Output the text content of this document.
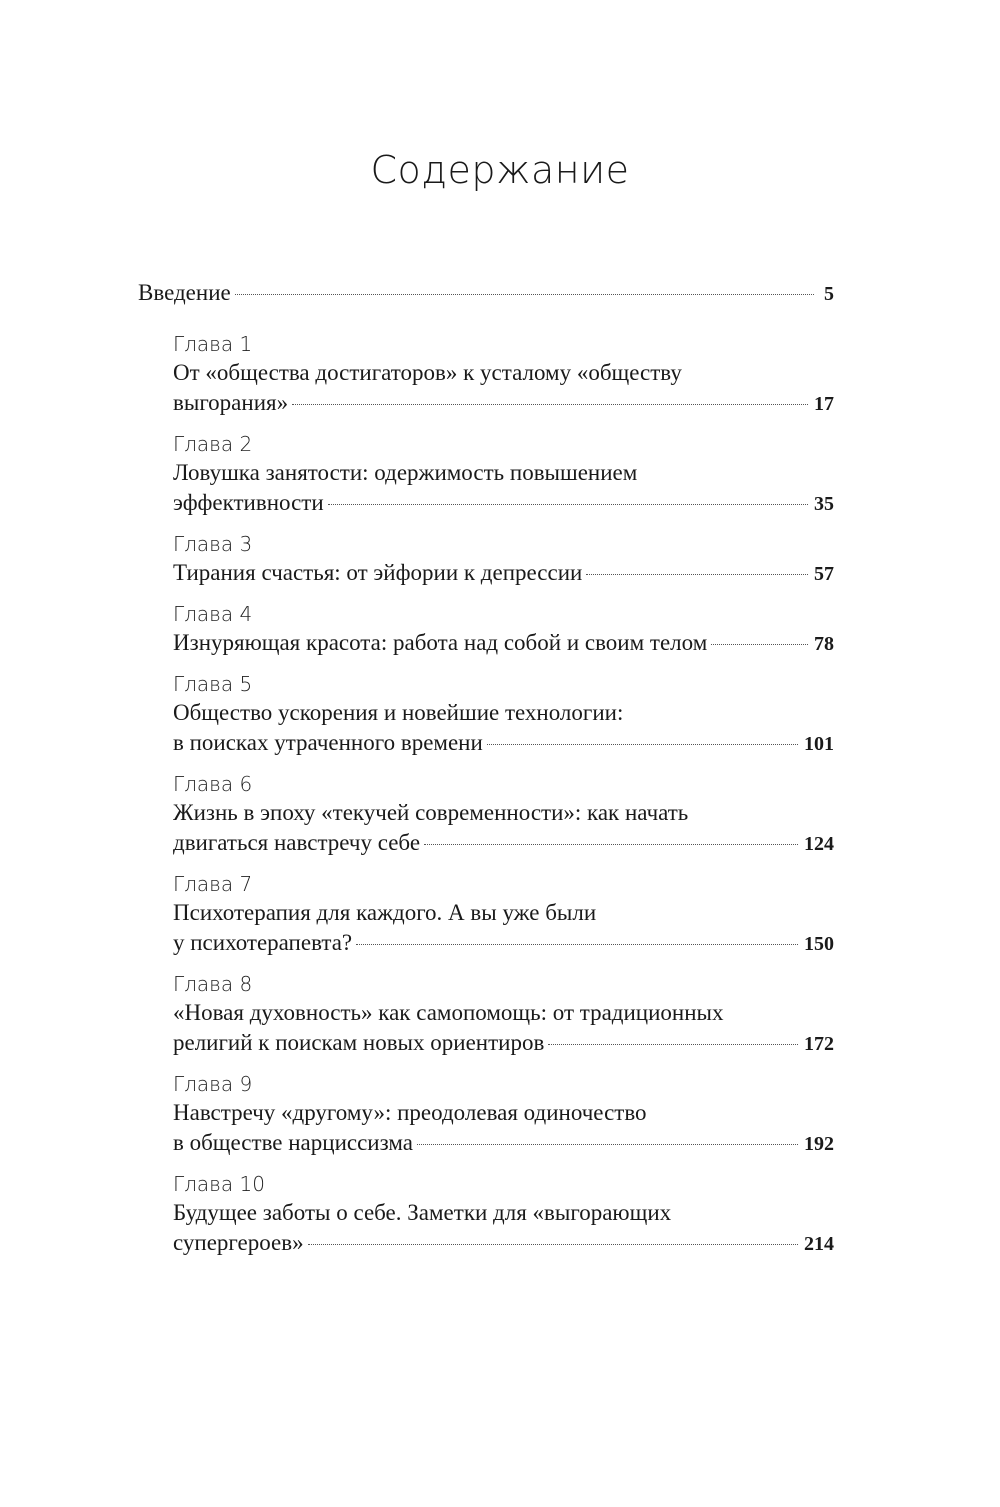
Содержание
Введение	5
Глава 1
От «общества достигаторов» к усталому «обществу
выгорания»	17
Глава 2
Ловушка занятости: одержимость повышением
эффективности	35
Глава 3
Тирания счастья: от эйфории к депрессии	57
Глава 4
Изнуряющая красота: работа над собой и своим телом	78
Глава 5
Общество ускорения и новейшие технологии:
в поисках утраченного времени	101
Глава 6
Жизнь в эпоху «текучей современности»: как начать
двигаться навстречу себе	124
Глава 7
Психотерапия для каждого. А вы уже были
у психотерапевта?	150
Глава 8
«Новая духовность» как самопомощь: от традиционных
религий к поискам новых ориентиров	172
Глава 9
Навстречу «другому»: преодолевая одиночество
в обществе нарциссизма	192
Глава 10
Будущее заботы о себе. Заметки для «выгорающих
супергероев»	214
